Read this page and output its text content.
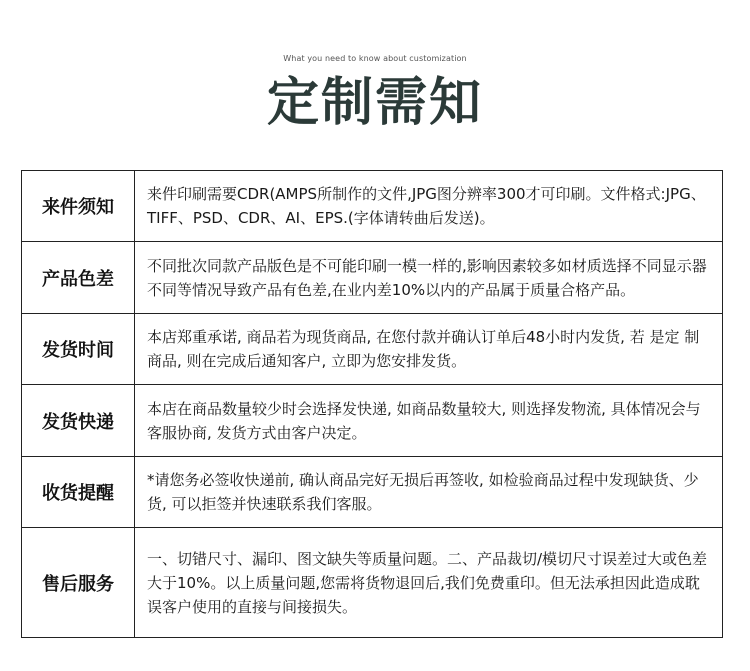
What you need to know about customization
定制需知
来件须知	来件印刷需要CDR(AMPS所制作的文件,JPG图分辨率300才可印刷。文件格式:JPG、TIFF、PSD、CDR、AI、EPS.(字体请转曲后发送)。
产品色差	不同批次同款产品版色是不可能印刷一模一样的,影响因素较多如材质选择不同显示器不同等情况导致产品有色差,在业内差10%以内的产品属于质量合格产品。
发货时间	本店郑重承诺, 商品若为现货商品, 在您付款并确认订单后48小时内发货, 若 是定 制商品, 则在完成后通知客户, 立即为您安排发货。
发货快递	本店在商品数量较少时会选择发快递, 如商品数量较大, 则选择发物流, 具体情况会与客服协商, 发货方式由客户决定。
收货提醒	*请您务必签收快递前, 确认商品完好无损后再签收, 如检验商品过程中发现缺货、少货, 可以拒签并快速联系我们客服。
售后服务	一、切错尺寸、漏印、图文缺失等质量问题。二、产品裁切/模切尺寸误差过大或色差大于10%。以上质量问题,您需将货物退回后,我们免费重印。但无法承担因此造成耽误客户使用的直接与间接损失。
